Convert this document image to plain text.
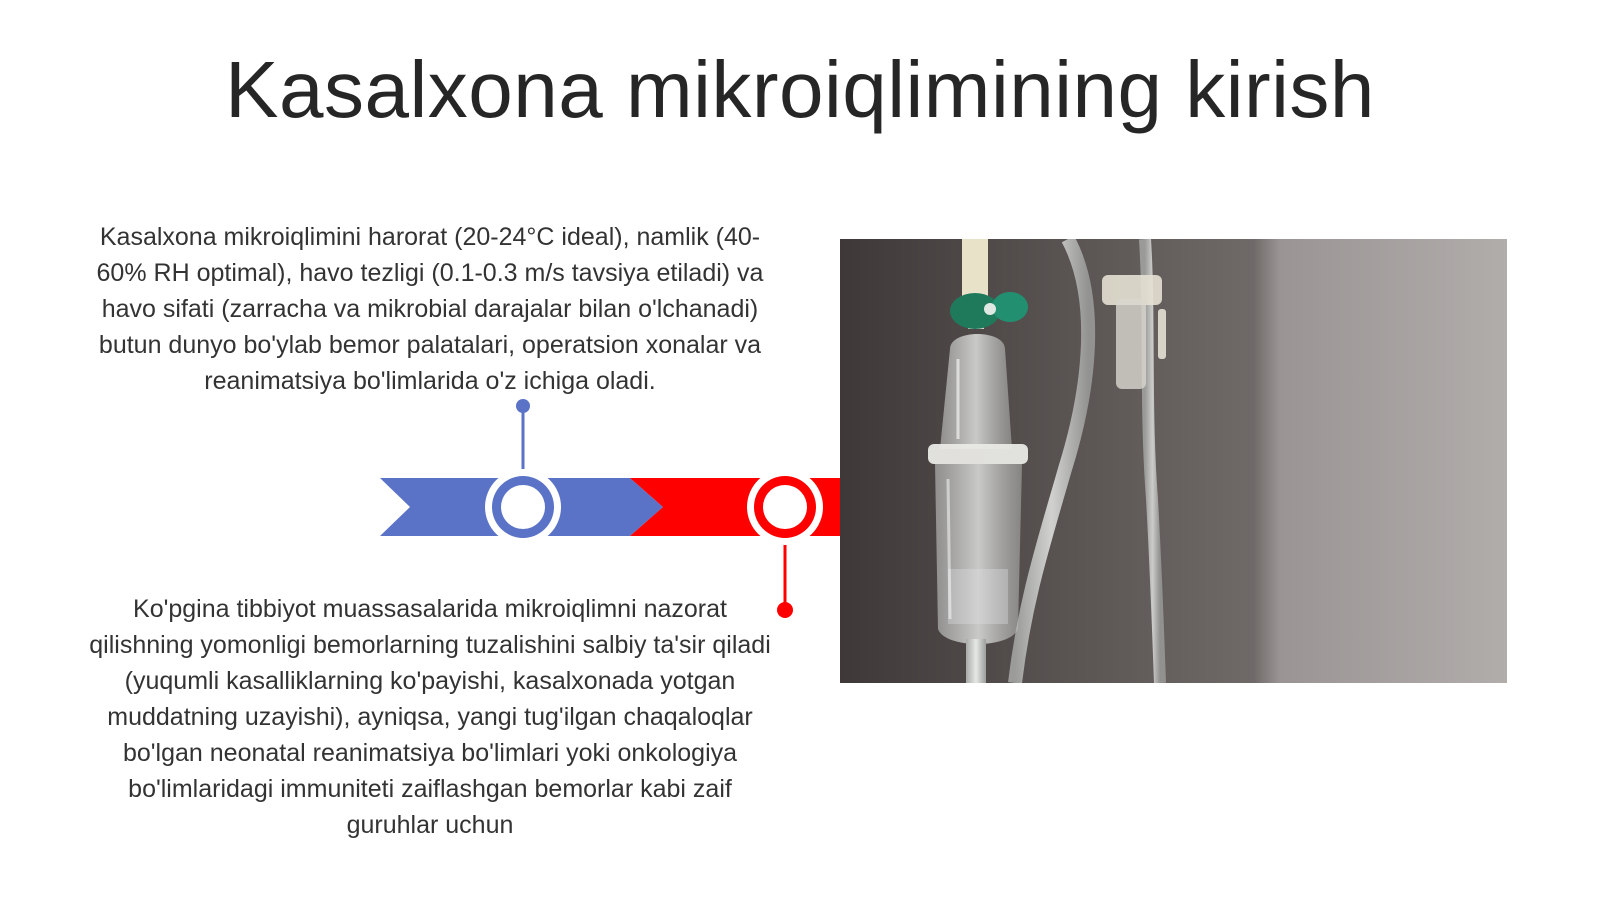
Kasalxona mikroiqlimining kirish
Kasalxona mikroiqlimini harorat (20-24°C ideal), namlik (40-60% RH optimal), havo tezligi (0.1-0.3 m/s tavsiya etiladi) va havo sifati (zarracha va mikrobial darajalar bilan o'lchanadi) butun dunyo bo'ylab bemor palatalari, operatsion xonalar va reanimatsiya bo'limlarida o'z ichiga oladi.
Ko'pgina tibbiyot muassasalarida mikroiqlimni nazorat qilishning yomonligi bemorlarning tuzalishini salbiy ta'sir qiladi (yuqumli kasalliklarning ko'payishi, kasalxonada yotgan muddatning uzayishi), ayniqsa, yangi tug'ilgan chaqaloqlar bo'lgan neonatal reanimatsiya bo'limlari yoki onkologiya bo'limlaridagi immuniteti zaiflashgan bemorlar kabi zaif guruhlar uchun
